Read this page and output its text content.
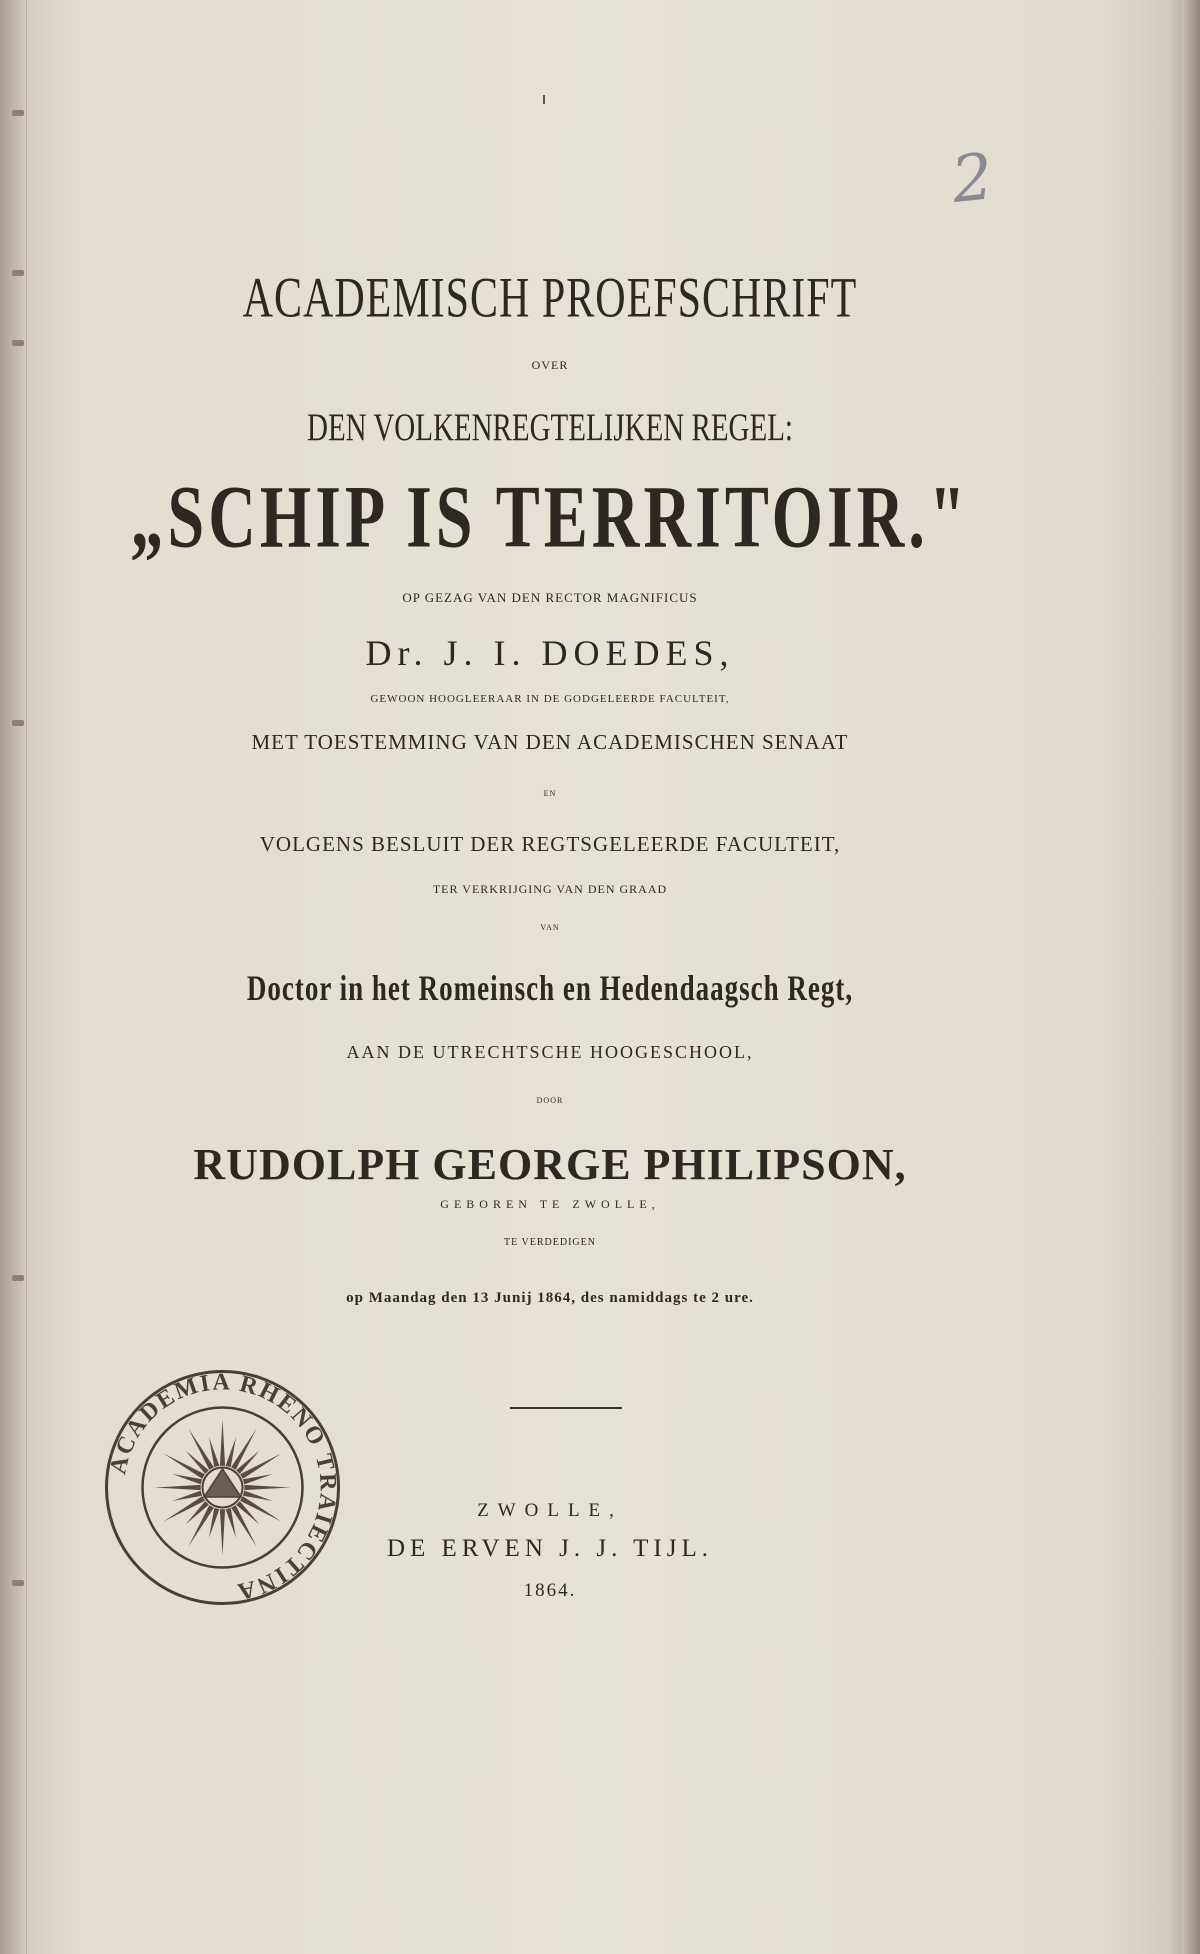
2
ACADEMISCH PROEFSCHRIFT
OVER
DEN VOLKENREGTELIJKEN REGEL:
„SCHIP IS TERRITOIR."
OP GEZAG VAN DEN RECTOR MAGNIFICUS
Dr. J. I. DOEDES,
GEWOON HOOGLEERAAR IN DE GODGELEERDE FACULTEIT,
MET TOESTEMMING VAN DEN ACADEMISCHEN SENAAT
EN
VOLGENS BESLUIT DER REGTSGELEERDE FACULTEIT,
TER VERKRIJGING VAN DEN GRAAD
VAN
Doctor in het Romeinsch en Hedendaagsch Regt,
AAN DE UTRECHTSCHE HOOGESCHOOL,
DOOR
RUDOLPH GEORGE PHILIPSON,
GEBOREN TE ZWOLLE,
TE VERDEDIGEN
op Maandag den 13 Junij 1864, des namiddags te 2 ure.
ZWOLLE,
DE ERVEN J. J. TIJL.
1864.
ACADEMIA RHENO TRAIECTINA
